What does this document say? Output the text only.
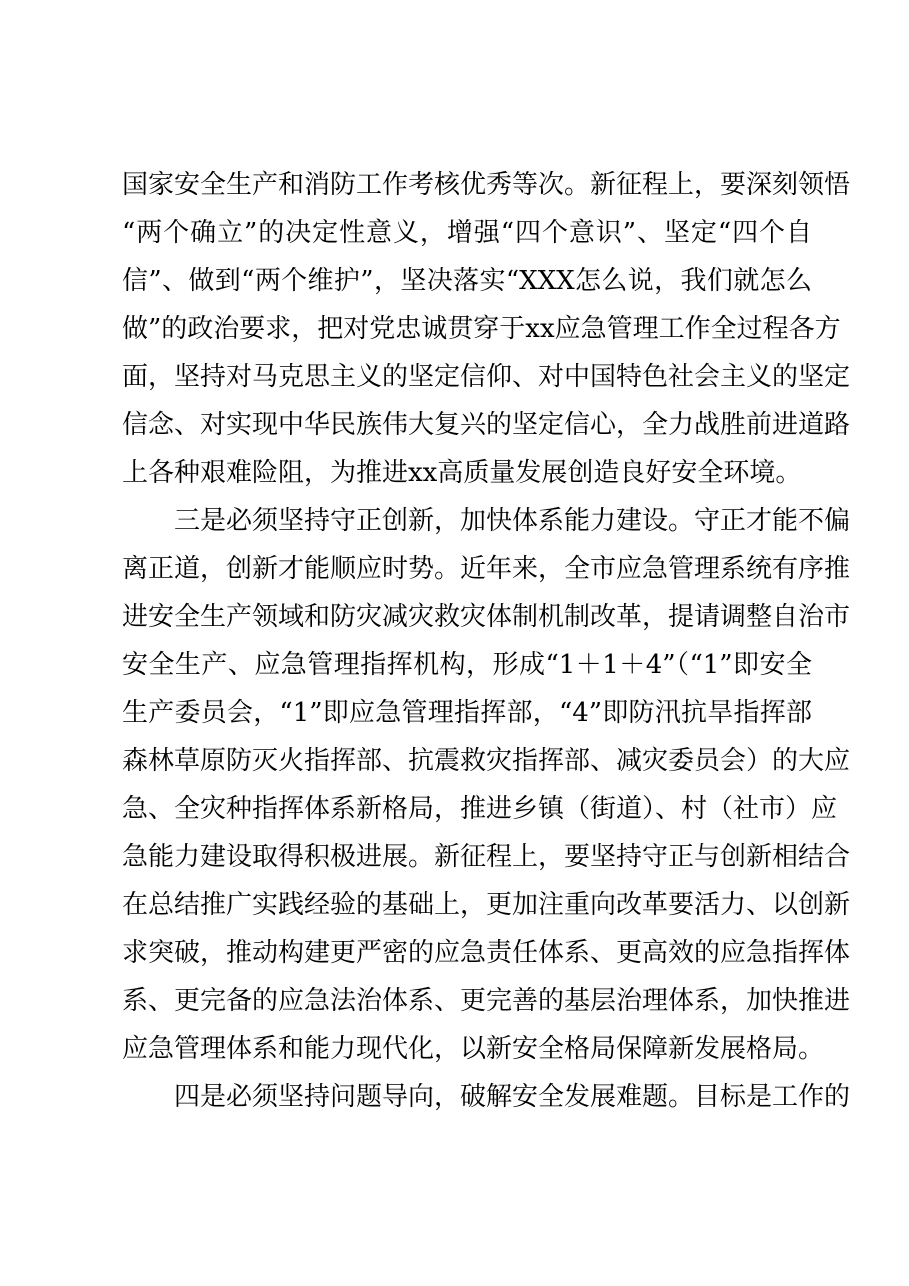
国家安全生产和消防工作考核优秀等次。新征程上，要深刻领悟
“两个确立”的决定性意义，增强“四个意识”、坚定“四个自
信”、做到“两个维护”，坚决落实“XXX怎么说，我们就怎么
做”的政治要求，把对党忠诚贯穿于xx应急管理工作全过程各方
面，坚持对马克思主义的坚定信仰、对中国特色社会主义的坚定
信念、对实现中华民族伟大复兴的坚定信心，全力战胜前进道路
上各种艰难险阻，为推进xx高质量发展创造良好安全环境。
三是必须坚持守正创新，加快体系能力建设。守正才能不偏
离正道，创新才能顺应时势。近年来，全市应急管理系统有序推
进安全生产领域和防灾减灾救灾体制机制改革，提请调整自治市
安全生产、应急管理指挥机构，形成“1＋1＋4”（“1”即安全
生产委员会，“1”即应急管理指挥部，“4”即防汛抗旱指挥部
森林草原防灭火指挥部、抗震救灾指挥部、减灾委员会）的大应
急、全灾种指挥体系新格局，推进乡镇（街道）、村（社市）应
急能力建设取得积极进展。新征程上，要坚持守正与创新相结合
在总结推广实践经验的基础上，更加注重向改革要活力、以创新
求突破，推动构建更严密的应急责任体系、更高效的应急指挥体
系、更完备的应急法治体系、更完善的基层治理体系，加快推进
应急管理体系和能力现代化，以新安全格局保障新发展格局。
四是必须坚持问题导向，破解安全发展难题。目标是工作的
